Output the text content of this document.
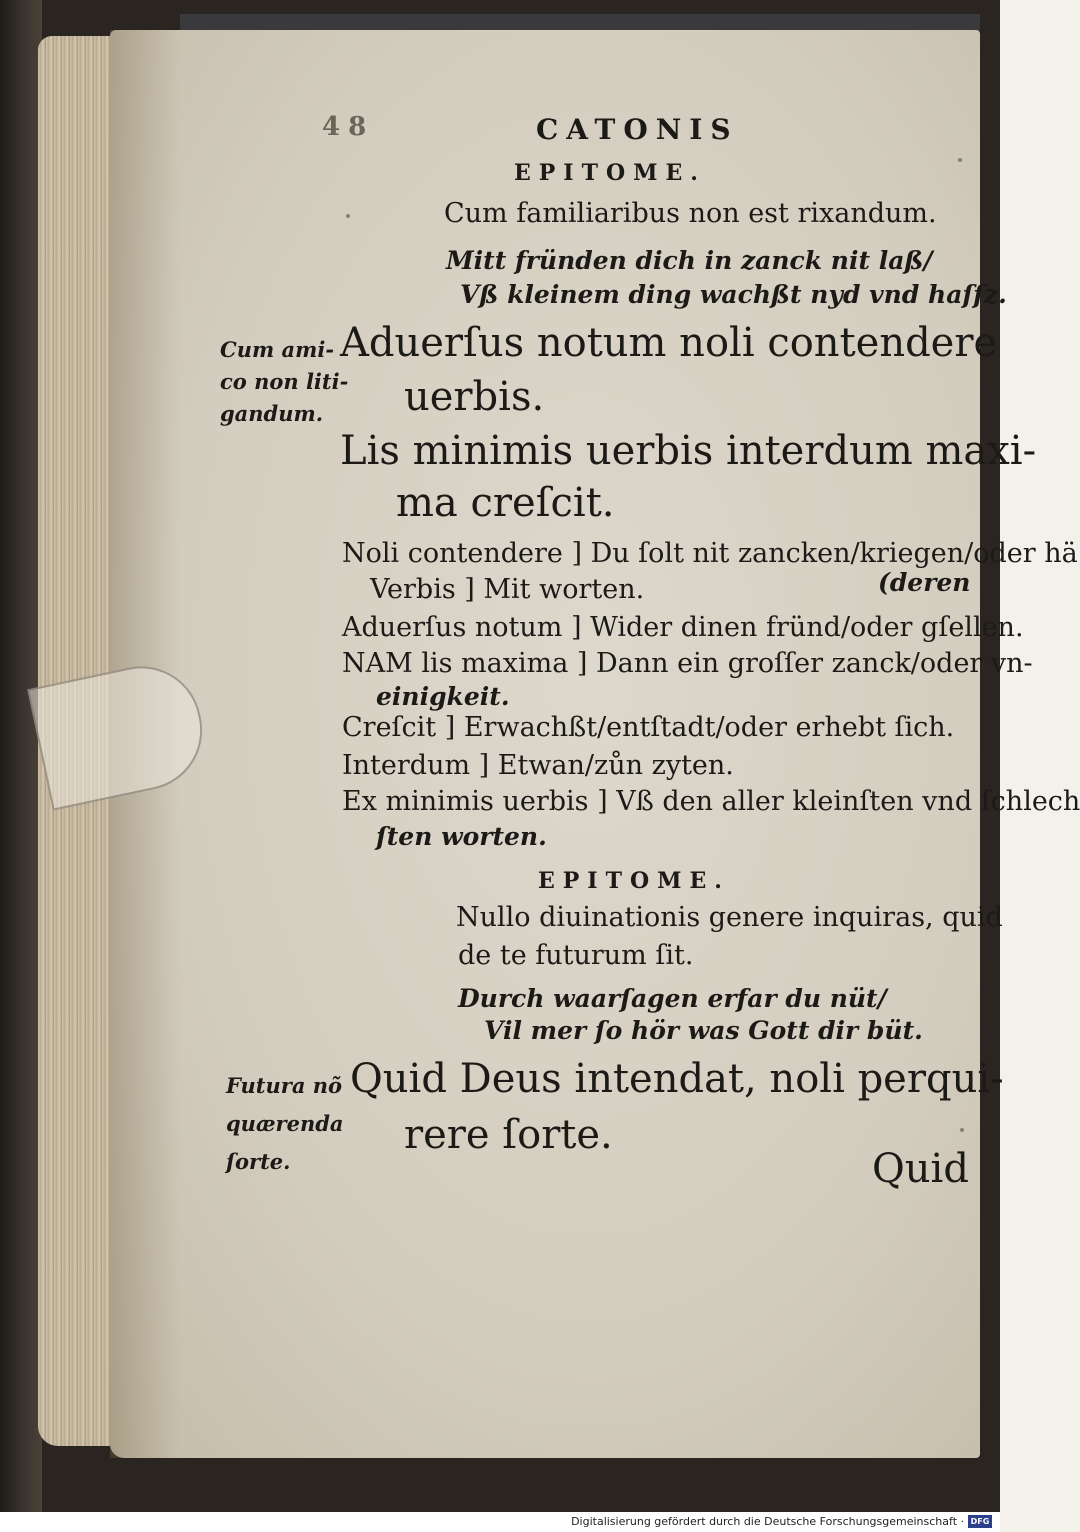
48	CATONIS
EPITOME.
Cum familiaribus non est rixandum.
Mitt fründen dich in zanck nit laß/
Vß kleinem ding wachßt nyd vnd haſſz.
Cum ami-
co non liti-
gandum.
Aduerſus notum noli contendere
uerbis.
Lis minimis uerbis interdum maxi-
ma creſcit.
Noli contendere ] Du ſolt nit zancken/kriegen/oder hä
Verbis ] Mit worten.	(deren
Aduerſus notum ] Wider dinen fründ/oder gſellen.
NAM lis maxima ] Dann ein groſſer zanck/oder vn-
einigkeit.
Creſcit ] Erwachßt/entſtadt/oder erhebt ſich.
Interdum ] Etwan/zůn zyten.
Ex minimis uerbis ] Vß den aller kleinſten vnd ſchlech
ſten worten.
EPITOME.
Nullo diuinationis genere inquiras, quid
de te futurum ſit.
Durch waarſagen erfar du nüt/
Vil mer ſo hör was Gott dir büt.
Futura nõ
quærenda
ſorte.
Quid Deus intendat, noli perqui-
rere ſorte.
Quid
Digitalisierung gefördert durch die Deutsche Forschungsgemeinschaft · DFG
